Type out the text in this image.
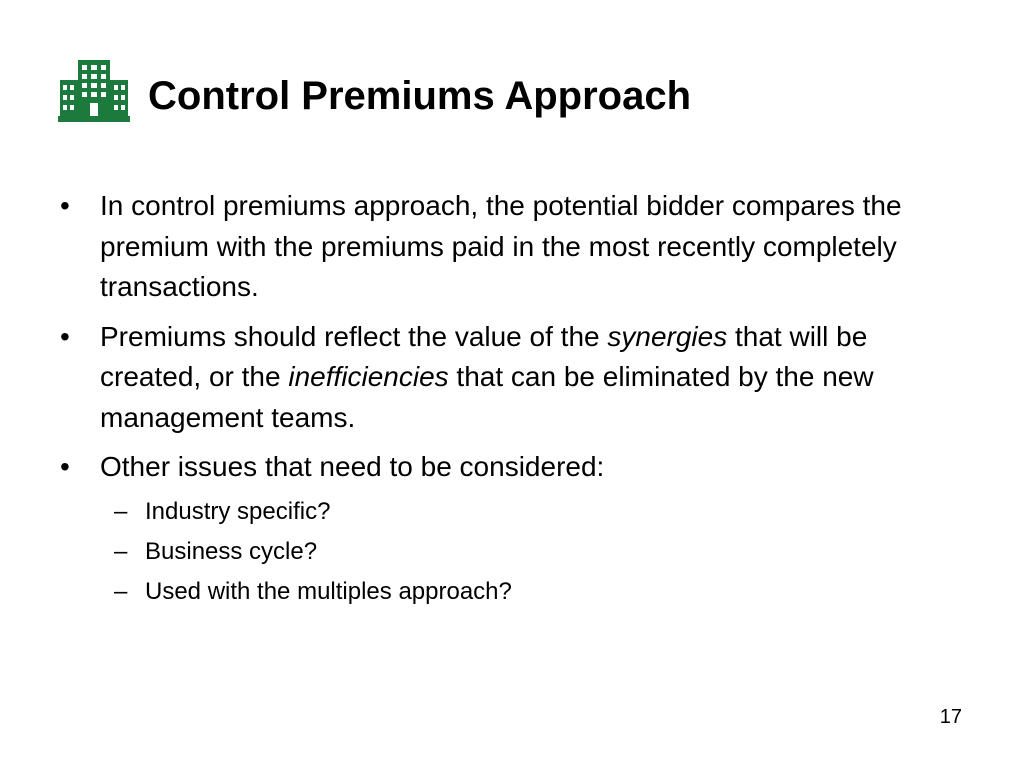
Control Premiums Approach
• In control premiums approach, the potential bidder compares the premium with the premiums paid in the most recently completely transactions.
• Premiums should reflect the value of the synergies that will be created, or the inefficiencies that can be eliminated by the new management teams.
• Other issues that need to be considered:
– Industry specific?
– Business cycle?
– Used with the multiples approach?
17
